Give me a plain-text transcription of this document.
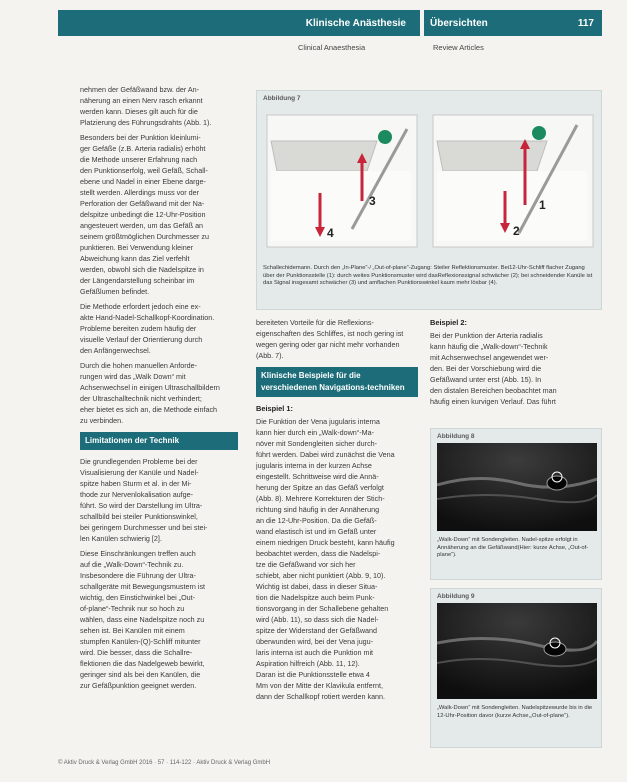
Klinische Anästhesie Übersichten	117
Clinical Anaesthesia	Review Articles

nehmen der Gefäßwand bzw. der An-
näherung an einen Nerv rasch erkannt
werden kann. Dieses gilt auch für die
Platzierung des Führungsdrahts (Abb. 1).

Besonders bei der Punktion kleinlumi-
ger Gefäße (z.B. Arteria radialis) erhöht
die Methode unserer Erfahrung nach
den Punktionserfolg, weil Gefäß, Schall-
ebene und Nadel in einer Ebene darge-
stellt werden. Allerdings muss vor der
Perforation der Gefäßwand mit der Na-
delspitze unbedingt die 12-Uhr-Position
angesteuert werden, um das Gefäß an
seinem größtmöglichen Durchmesser zu
punktieren. Bei Verwendung kleiner
Abweichung kann das Ziel verfehlt
werden, obwohl sich die Nadelspitze in
der Längendarstellung scheinbar im
Gefäßlumen befindet.

Die Methode erfordert jedoch eine ex-
akte Hand-Nadel-Schallkopf-Koordination.
Probleme bereiten zudem häufig der
visuelle Verlauf der Orientierung durch
den Anfängerwechsel.

Durch die hohen manuellen Anforde-
rungen wird das „Walk Down“ mit
Achsenwechsel in einigen Ultraschallbildern
der Ultraschalltechnik nicht verhindert;
eher bietet es sich an, die Methode einfach
zu verbinden.

Limitationen der Technik

Die grundlegenden Probleme bei der
Visualisierung der Kanüle und Nadel-
spitze haben Sturm et al. in der Mi-
thode zur Nervenlokalisation aufge-
führt. So wird der Darstellung im Ultra-
schallbild bei steiler Punktionswinkel,
bei geringem Durchmesser und bei stei-
len Kanülen schwierig [2].

Diese Einschränkungen treffen auch
auf die „Walk-Down“-Technik zu.
Insbesondere die Führung der Ultra-
schallgeräte mit Bewegungsmustern ist
wichtig, den Einstichwinkel bei „Out-
of-plane“-Technik nur so hoch zu
wählen, dass eine Nadelspitze noch zu
sehen ist. Bei Kanülen mit einem
stumpfen Kanülen-(Q)-Schliff mitunter
wird. Die besser, dass die Schallre-
flektionen die das Nadelgeweb bewirkt,
geringer sind als bei den Kanülen, die
zur Gefäßpunktion geeignet werden.

Abbildung 7
3
4
1
2
Schallechidemann. Durch den „In-Plane“-/ „Out-of-plane“-Zugang: Steiler Reflektionsmuster. Bei12-Uhr-Schliff flacher Zugang über der Punktionsstelle (1): durch weites Punktionsmuster wird dasReflexionssignal schwächer (2); bei schneidender Kanüle ist das Signal insgesamt schwächer (3) und amflachen Punktionswinkel kaum mehr lösbar (4).

bereiteten Vorteile für die Reflexions-
eigenschaften des Schliffes, ist noch gering ist
wegen gering oder gar nicht mehr vorhanden
(Abb. 7).

Klinische Beispiele für die verschiedenen Navigations-techniken
Beispiel 1:

Die Funktion der Vena jugularis interna
kann hier durch ein „Walk-down“-Ma-
növer mit Sondengleiten sicher durch-
führt werden. Dabei wird zunächst die Vena
jugularis interna in der kurzen Achse
eingestellt. Schrittweise wird die Annä-
herung der Spitze an das Gefäß verfolgt
(Abb. 8). Mehrere Korrekturen der Stich-
richtung sind häufig in der Annäherung
an die 12-Uhr-Position. Da die Gefäß-
wand elastisch ist und im Gefäß unter
einem niedrigen Druck besteht, kann häufig
beobachtet werden, dass die Nadelspi-
tze die Gefäßwand vor sich her
schiebt, aber nicht punktiert (Abb. 9, 10).
Wichtig ist dabei, dass in dieser Situa-
tion die Nadelspitze auch beim Punk-
tionsvorgang in der Schallebene gehalten
wird (Abb. 11), so dass sich die Nadel-
spitze der Widerstand der Gefäßwand
überwunden wird, bei der Vena jugu-
laris interna ist auch die Punktion mit
Aspiration hilfreich (Abb. 11, 12).
Daran ist die Punktionsstelle etwa 4
Mm von der Mitte der Klavikula entfernt,
dann der Schallkopf rotiert werden kann.

Beispiel 2:

Bei der Punktion der Arteria radialis
kann häufig die „Walk-down“-Technik
mit Achsenwechsel angewendet wer-
den. Bei der Vorschiebung wird die
Gefäßwand unter erst (Abb. 15). In
den distalen Bereichen beobachtet man
häufig einen kurvigen Verlauf. Das führt

Abbildung 8
„Walk-Down“ mit Sondengleiten. Nadel-spitze erfolgt in Annäherung an die Gefäßwand(Hier: kurze Achse, „Out-of-plane“).
Abbildung 9
„Walk-Down“ mit Sondengleiten. Nadelspitzewurde bis in die 12-Uhr-Position davor (kurze Achse,„Out-of-plane“).
© Aktiv Druck & Verlag GmbH 2016 · 57 · 114-122 · Aktiv Druck & Verlag GmbH
